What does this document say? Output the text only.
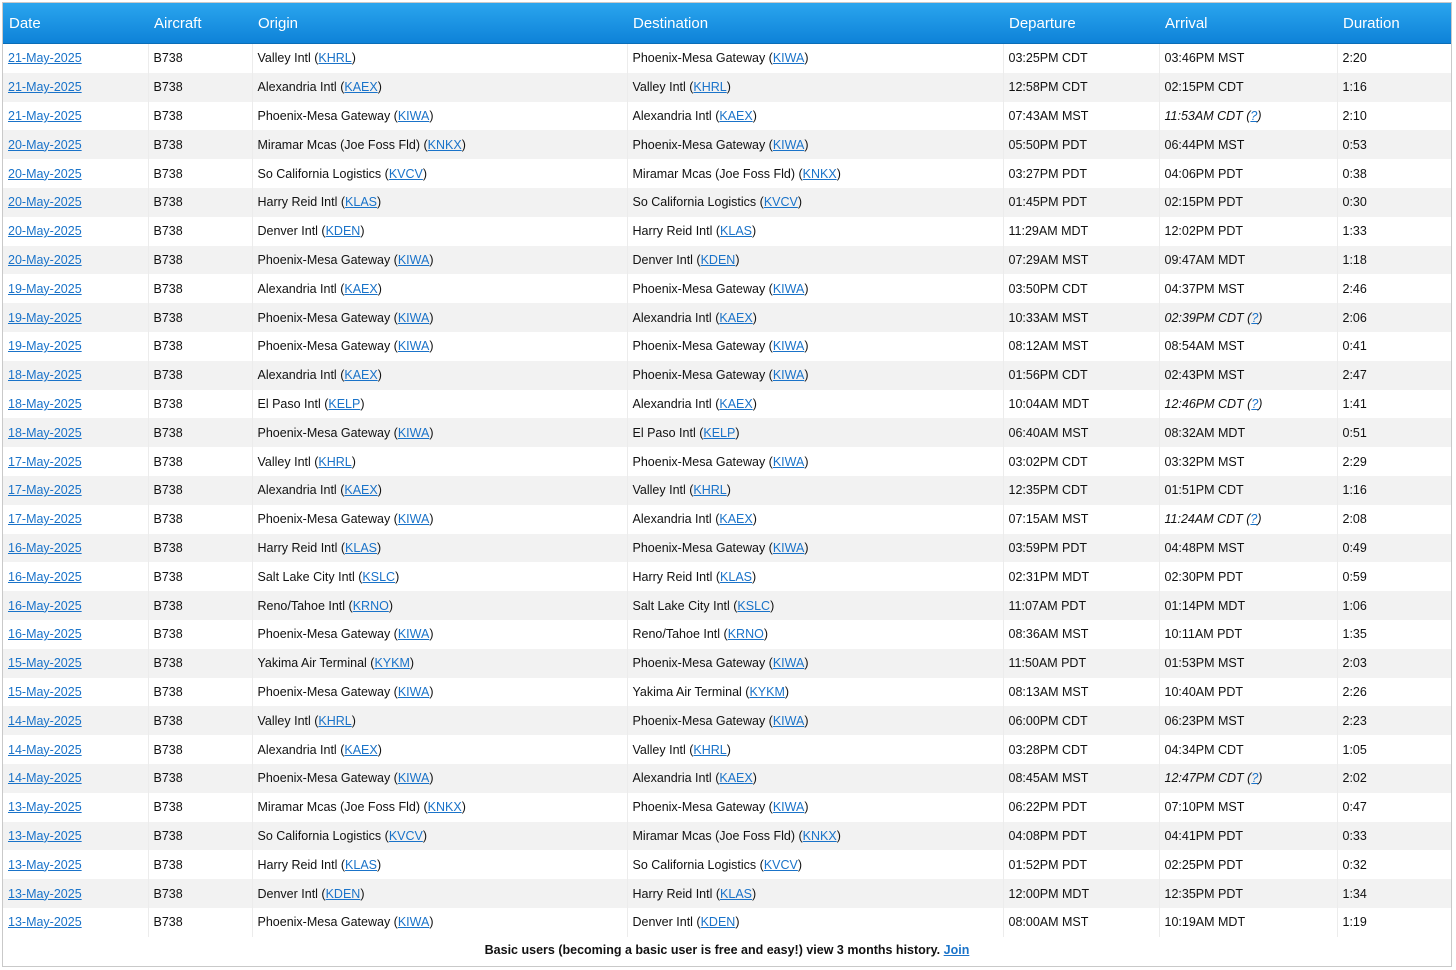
Date	Aircraft	Origin	Destination	Departure	Arrival	Duration
21-May-2025	B738	Valley Intl (KHRL)	Phoenix-Mesa Gateway (KIWA)	03:25PM CDT	03:46PM MST	2:20
21-May-2025	B738	Alexandria Intl (KAEX)	Valley Intl (KHRL)	12:58PM CDT	02:15PM CDT	1:16
21-May-2025	B738	Phoenix-Mesa Gateway (KIWA)	Alexandria Intl (KAEX)	07:43AM MST	11:53AM CDT (?)	2:10
20-May-2025	B738	Miramar Mcas (Joe Foss Fld) (KNKX)	Phoenix-Mesa Gateway (KIWA)	05:50PM PDT	06:44PM MST	0:53
20-May-2025	B738	So California Logistics (KVCV)	Miramar Mcas (Joe Foss Fld) (KNKX)	03:27PM PDT	04:06PM PDT	0:38
20-May-2025	B738	Harry Reid Intl (KLAS)	So California Logistics (KVCV)	01:45PM PDT	02:15PM PDT	0:30
20-May-2025	B738	Denver Intl (KDEN)	Harry Reid Intl (KLAS)	11:29AM MDT	12:02PM PDT	1:33
20-May-2025	B738	Phoenix-Mesa Gateway (KIWA)	Denver Intl (KDEN)	07:29AM MST	09:47AM MDT	1:18
19-May-2025	B738	Alexandria Intl (KAEX)	Phoenix-Mesa Gateway (KIWA)	03:50PM CDT	04:37PM MST	2:46
19-May-2025	B738	Phoenix-Mesa Gateway (KIWA)	Alexandria Intl (KAEX)	10:33AM MST	02:39PM CDT (?)	2:06
19-May-2025	B738	Phoenix-Mesa Gateway (KIWA)	Phoenix-Mesa Gateway (KIWA)	08:12AM MST	08:54AM MST	0:41
18-May-2025	B738	Alexandria Intl (KAEX)	Phoenix-Mesa Gateway (KIWA)	01:56PM CDT	02:43PM MST	2:47
18-May-2025	B738	El Paso Intl (KELP)	Alexandria Intl (KAEX)	10:04AM MDT	12:46PM CDT (?)	1:41
18-May-2025	B738	Phoenix-Mesa Gateway (KIWA)	El Paso Intl (KELP)	06:40AM MST	08:32AM MDT	0:51
17-May-2025	B738	Valley Intl (KHRL)	Phoenix-Mesa Gateway (KIWA)	03:02PM CDT	03:32PM MST	2:29
17-May-2025	B738	Alexandria Intl (KAEX)	Valley Intl (KHRL)	12:35PM CDT	01:51PM CDT	1:16
17-May-2025	B738	Phoenix-Mesa Gateway (KIWA)	Alexandria Intl (KAEX)	07:15AM MST	11:24AM CDT (?)	2:08
16-May-2025	B738	Harry Reid Intl (KLAS)	Phoenix-Mesa Gateway (KIWA)	03:59PM PDT	04:48PM MST	0:49
16-May-2025	B738	Salt Lake City Intl (KSLC)	Harry Reid Intl (KLAS)	02:31PM MDT	02:30PM PDT	0:59
16-May-2025	B738	Reno/Tahoe Intl (KRNO)	Salt Lake City Intl (KSLC)	11:07AM PDT	01:14PM MDT	1:06
16-May-2025	B738	Phoenix-Mesa Gateway (KIWA)	Reno/Tahoe Intl (KRNO)	08:36AM MST	10:11AM PDT	1:35
15-May-2025	B738	Yakima Air Terminal (KYKM)	Phoenix-Mesa Gateway (KIWA)	11:50AM PDT	01:53PM MST	2:03
15-May-2025	B738	Phoenix-Mesa Gateway (KIWA)	Yakima Air Terminal (KYKM)	08:13AM MST	10:40AM PDT	2:26
14-May-2025	B738	Valley Intl (KHRL)	Phoenix-Mesa Gateway (KIWA)	06:00PM CDT	06:23PM MST	2:23
14-May-2025	B738	Alexandria Intl (KAEX)	Valley Intl (KHRL)	03:28PM CDT	04:34PM CDT	1:05
14-May-2025	B738	Phoenix-Mesa Gateway (KIWA)	Alexandria Intl (KAEX)	08:45AM MST	12:47PM CDT (?)	2:02
13-May-2025	B738	Miramar Mcas (Joe Foss Fld) (KNKX)	Phoenix-Mesa Gateway (KIWA)	06:22PM PDT	07:10PM MST	0:47
13-May-2025	B738	So California Logistics (KVCV)	Miramar Mcas (Joe Foss Fld) (KNKX)	04:08PM PDT	04:41PM PDT	0:33
13-May-2025	B738	Harry Reid Intl (KLAS)	So California Logistics (KVCV)	01:52PM PDT	02:25PM PDT	0:32
13-May-2025	B738	Denver Intl (KDEN)	Harry Reid Intl (KLAS)	12:00PM MDT	12:35PM PDT	1:34
13-May-2025	B738	Phoenix-Mesa Gateway (KIWA)	Denver Intl (KDEN)	08:00AM MST	10:19AM MDT	1:19
Basic users (becoming a basic user is free and easy!) view 3 months history. Join
